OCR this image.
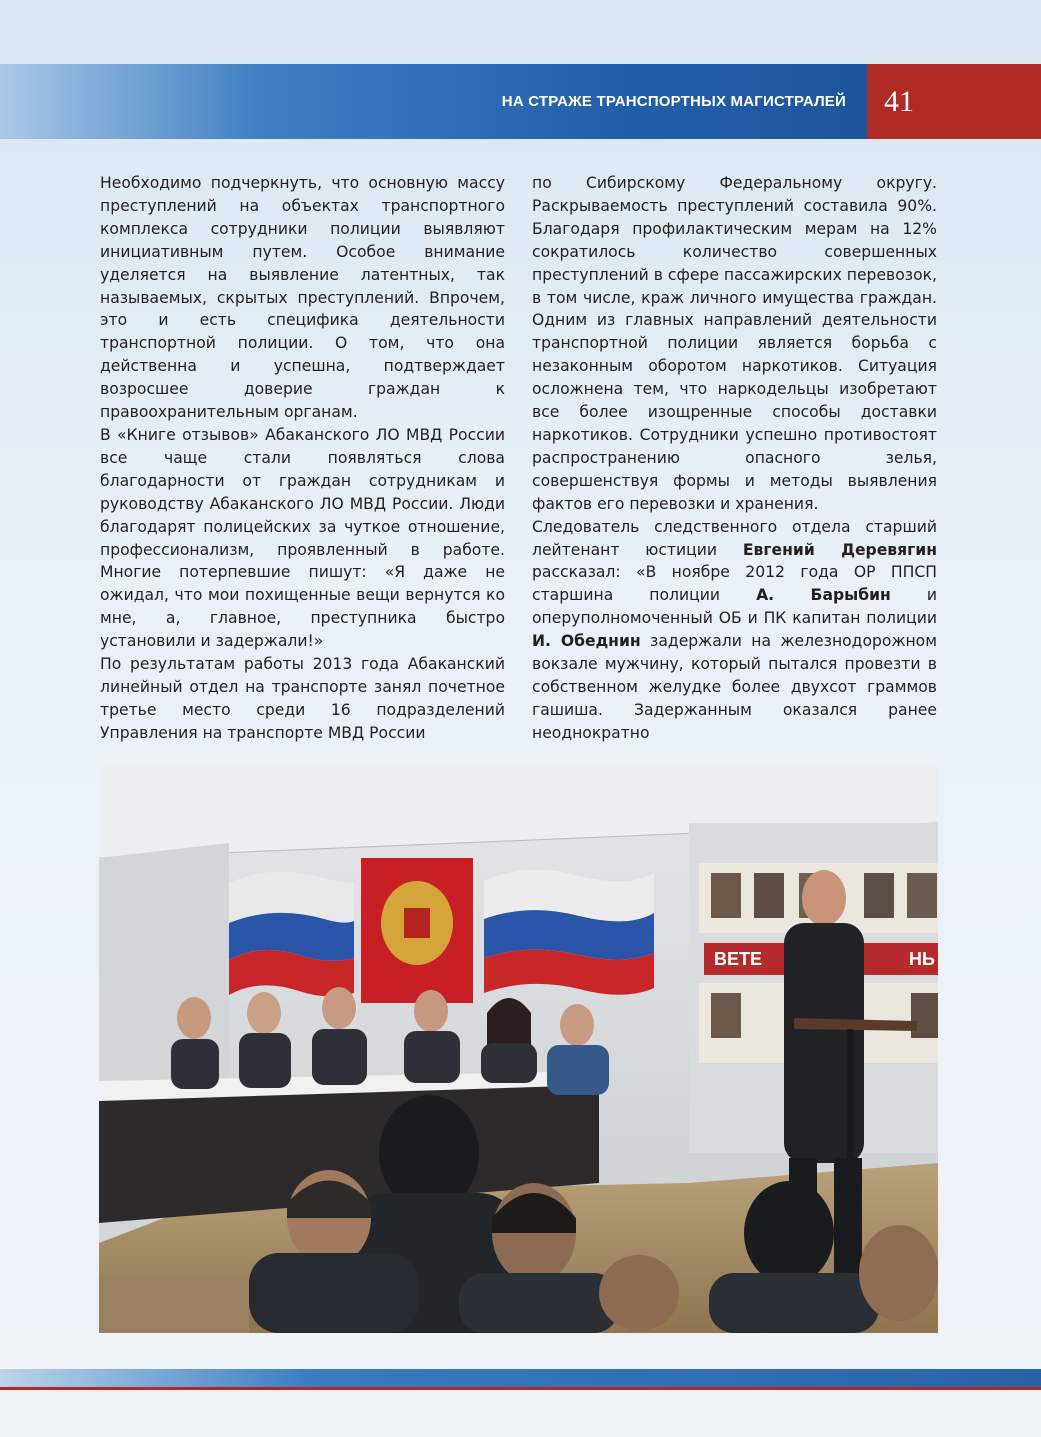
НА СТРАЖЕ ТРАНСПОРТНЫХ МАГИСТРАЛЕЙ 41

Необходимо подчеркнуть, что основную массу преступлений на объектах транспортного комплекса сотрудники полиции выявляют инициативным путем. Особое внимание уделяется на выявление латентных, так называемых, скрытых преступлений. Впрочем, это и есть специфика деятельности транспортной полиции. О том, что она действенна и успешна, подтверждает возросшее доверие граждан к правоохранительным органам.

В «Книге отзывов» Абаканского ЛО МВД России все чаще стали появляться слова благодарности от граждан сотрудникам и руководству Абаканского ЛО МВД России. Люди благодарят полицейских за чуткое отношение, профессионализм, проявленный в работе. Многие потерпевшие пишут: «Я даже не ожидал, что мои похищенные вещи вернутся ко мне, а, главное, преступника быстро установили и задержали!»

По результатам работы 2013 года Абаканский линейный отдел на транспорте занял почетное третье место среди 16 подразделений Управления на транспорте МВД России

по Сибирскому Федеральному округу. Раскрываемость преступлений составила 90%. Благодаря профилактическим мерам на 12% сократилось количество совершенных преступлений в сфере пассажирских перевозок, в том числе, краж личного имущества граждан. Одним из главных направлений деятельности транспортной полиции является борьба с незаконным оборотом наркотиков. Ситуация осложнена тем, что наркодельцы изобретают все более изощренные способы доставки наркотиков. Сотрудники успешно противостоят распространению опасного зелья, совершенствуя формы и методы выявления фактов его перевозки и хранения.

Следователь следственного отдела старший лейтенант юстиции Евгений Деревягин рассказал: «В ноябре 2012 года ОР ППСП старшина полиции А. Барыбин и оперуполномоченный ОБ и ПК капитан полиции И. Обеднин задержали на железнодорожном вокзале мужчину, который пытался провезти в собственном желудке более двухсот граммов гашиша. Задержанным оказался ранее неоднократно

ВЕТЕ	НЬ
